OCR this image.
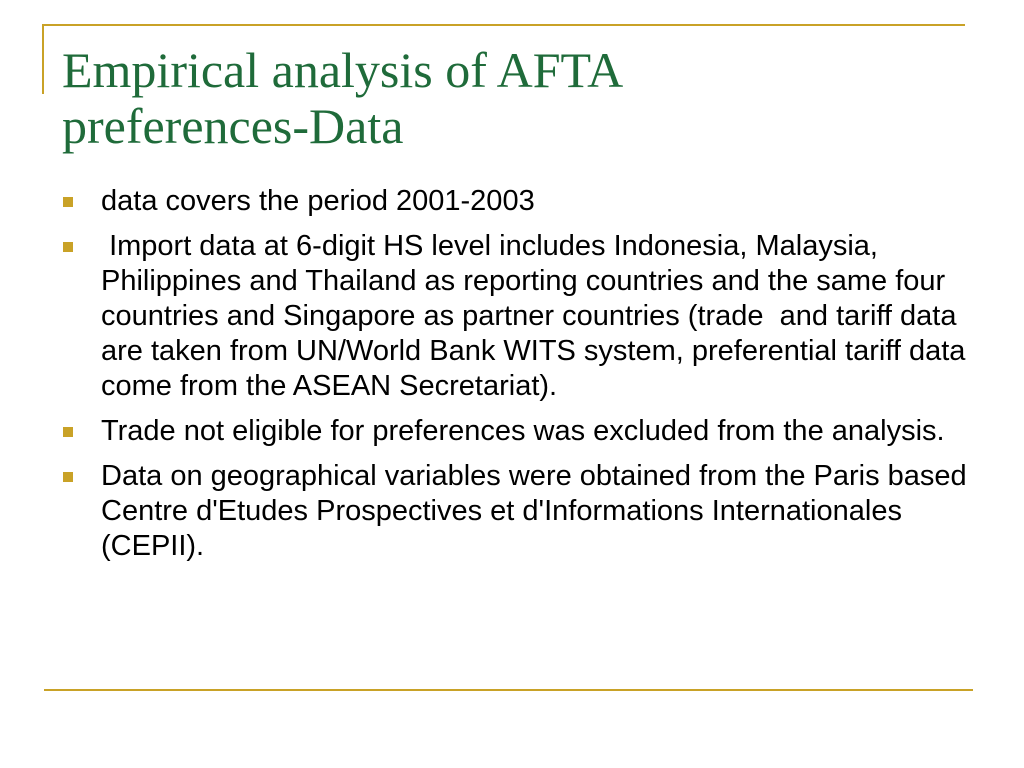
Empirical analysis of AFTA
preferences-Data
data covers the period 2001-2003
Import data at 6-digit HS level includes Indonesia, Malaysia, Philippines and Thailand as reporting countries and the same four countries and Singapore as partner countries (trade  and tariff data are taken from UN/World Bank WITS system, preferential tariff data come from the ASEAN Secretariat).
Trade not eligible for preferences was excluded from the analysis.
Data on geographical variables were obtained from the Paris based Centre d'Etudes Prospectives et d'Informations Internationales (CEPII).
